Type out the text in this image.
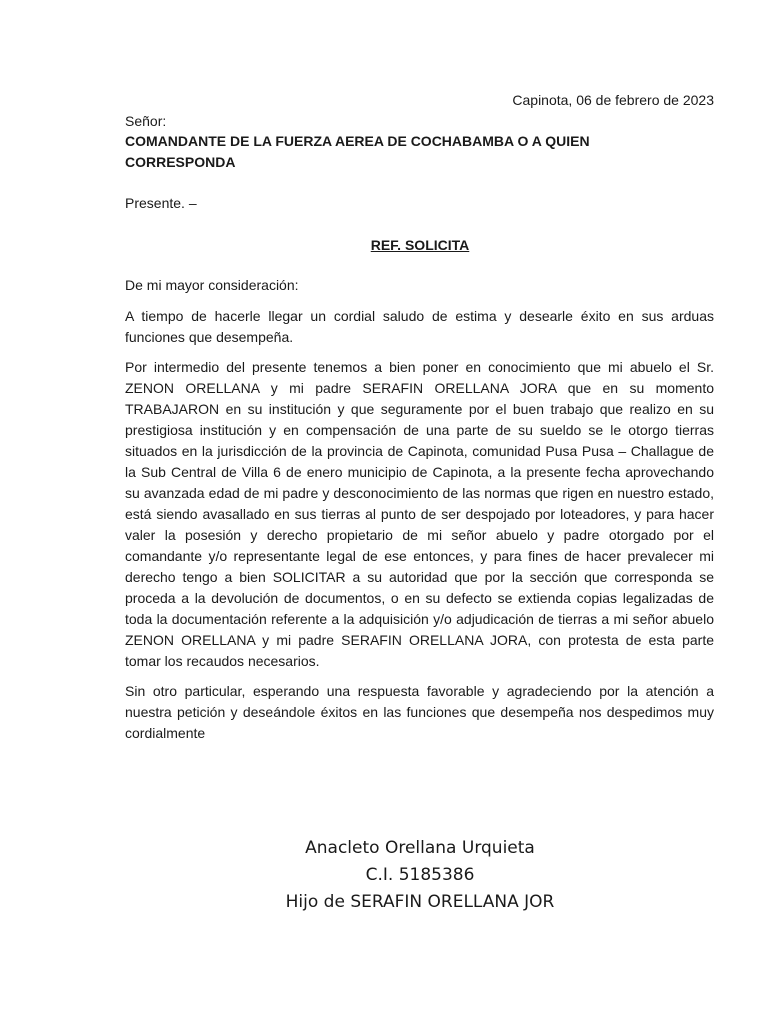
Capinota, 06 de febrero de 2023
Señor:
COMANDANTE DE LA FUERZA AEREA DE COCHABAMBA O A QUIEN CORRESPONDA
Presente. –
REF. SOLICITA

De mi mayor consideración:

A tiempo de hacerle llegar un cordial saludo de estima y desearle éxito en sus arduas funciones que desempeña.

Por intermedio del presente tenemos a bien poner en conocimiento que mi abuelo el Sr. ZENON ORELLANA y mi padre SERAFIN ORELLANA JORA que en su momento TRABAJARON en su institución y que seguramente por el buen trabajo que realizo en su prestigiosa institución y en compensación de una parte de su sueldo se le otorgo tierras situados en la jurisdicción de la provincia de Capinota, comunidad Pusa Pusa – Challague de la Sub Central de Villa 6 de enero municipio de Capinota, a la presente fecha aprovechando su avanzada edad de mi padre y desconocimiento de las normas que rigen en nuestro estado, está siendo avasallado en sus tierras al punto de ser despojado por loteadores, y para hacer valer la posesión y derecho propietario de mi señor abuelo y padre otorgado por el comandante y/o representante legal de ese entonces, y para fines de hacer prevalecer mi derecho tengo a bien SOLICITAR a su autoridad que por la sección que corresponda se proceda a la devolución de documentos, o en su defecto se extienda copias legalizadas de toda la documentación referente a la adquisición y/o adjudicación de tierras a mi señor abuelo ZENON ORELLANA y mi padre SERAFIN ORELLANA JORA, con protesta de esta parte tomar los recaudos necesarios.

Sin otro particular, esperando una respuesta favorable y agradeciendo por la atención a nuestra petición y deseándole éxitos en las funciones que desempeña nos despedimos muy cordialmente

Anacleto Orellana Urquieta
C.I. 5185386
Hijo de SERAFIN ORELLANA JOR
